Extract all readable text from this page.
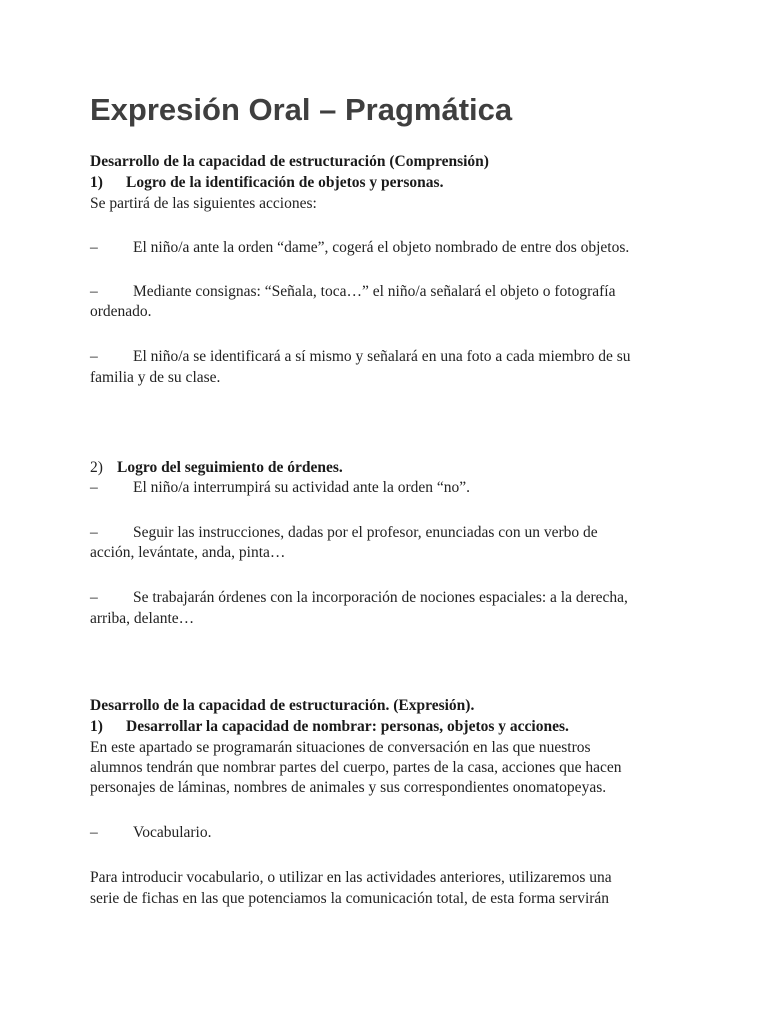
Expresión Oral – Pragmática
Desarrollo de la capacidad de estructuración (Comprensión)
1) Logro de la identificación de objetos y personas.
Se partirá de las siguientes acciones:
– El niño/a ante la orden “dame”, cogerá el objeto nombrado de entre dos objetos.
– Mediante consignas: “Señala, toca…” el niño/a señalará el objeto o fotografía
ordenado.
– El niño/a se identificará a sí mismo y señalará en una foto a cada miembro de su
familia y de su clase.
2) Logro del seguimiento de órdenes.
– El niño/a interrumpirá su actividad ante la orden “no”.
– Seguir las instrucciones, dadas por el profesor, enunciadas con un verbo de
acción, levántate, anda, pinta…
– Se trabajarán órdenes con la incorporación de nociones espaciales: a la derecha,
arriba, delante…
Desarrollo de la capacidad de estructuración. (Expresión).
1) Desarrollar la capacidad de nombrar: personas, objetos y acciones.
En este apartado se programarán situaciones de conversación en las que nuestros
alumnos tendrán que nombrar partes del cuerpo, partes de la casa, acciones que hacen
personajes de láminas, nombres de animales y sus correspondientes onomatopeyas.
– Vocabulario.
Para introducir vocabulario, o utilizar en las actividades anteriores, utilizaremos una
serie de fichas en las que potenciamos la comunicación total, de esta forma servirán
